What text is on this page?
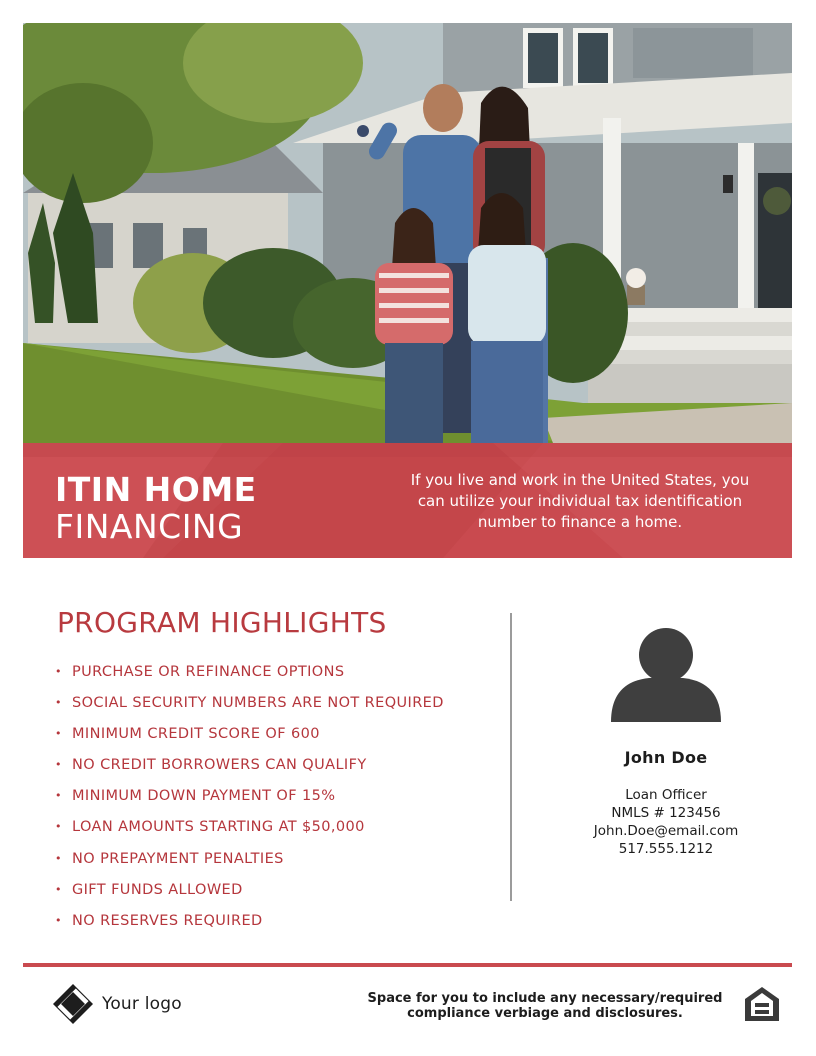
ITIN HOME
FINANCING

If you live and work in the United States, you can utilize your individual tax identification number to finance a home.

PROGRAM HIGHLIGHTS
• PURCHASE OR REFINANCE OPTIONS
• SOCIAL SECURITY NUMBERS ARE NOT REQUIRED
• MINIMUM CREDIT SCORE OF 600
• NO CREDIT BORROWERS CAN QUALIFY
• MINIMUM DOWN PAYMENT OF 15%
• LOAN AMOUNTS STARTING AT $50,000
• NO PREPAYMENT PENALTIES
• GIFT FUNDS ALLOWED
• NO RESERVES REQUIRED
John Doe
Loan Officer
NMLS # 123456
John.Doe@email.com
517.555.1212
Your logo	Space for you to include any necessary/required compliance verbiage and disclosures.
